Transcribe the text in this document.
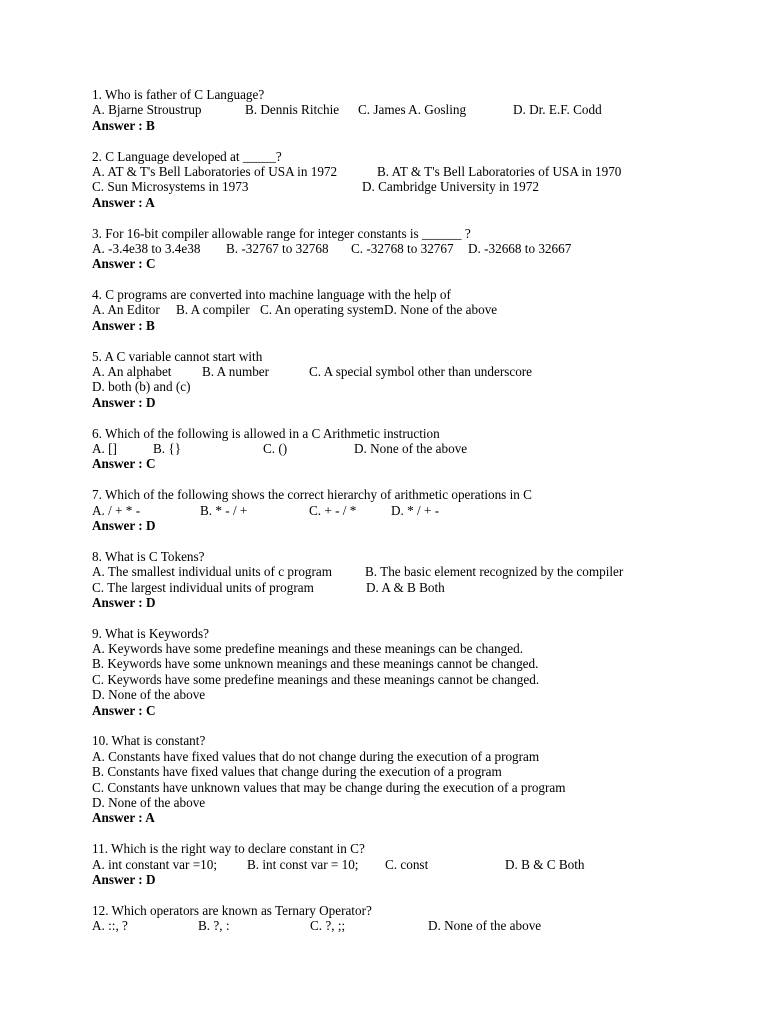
1. Who is father of C Language?
A. Bjarne Stroustrup	B. Dennis Ritchie C. James A. Gosling	D. Dr. E.F. Codd
Answer : B
2. C Language developed at _____?
A. AT & T's Bell Laboratories of USA in 1972	B. AT & T's Bell Laboratories of USA in 1970
C. Sun Microsystems in 1973	D. Cambridge University in 1972
Answer : A
3. For 16-bit compiler allowable range for integer constants is ______ ?
A. -3.4e38 to 3.4e38 B. -32767 to 32768 C. -32768 to 32767 D. -32668 to 32667
Answer : C
4. C programs are converted into machine language with the help of
A. An Editor B. A compiler C. An operating system D. None of the above
Answer : B
5. A C variable cannot start with
A. An alphabet B. A number	C. A special symbol other than underscore
D. both (b) and (c)
Answer : D
6. Which of the following is allowed in a C Arithmetic instruction
A. []	B. {}	C. ()	D. None of the above
Answer : C
7. Which of the following shows the correct hierarchy of arithmetic operations in C
A. / + * -	B. * - / +	C. + - / *	D. * / + -
Answer : D
8. What is C Tokens?
A. The smallest individual units of c program B. The basic element recognized by the compiler
C. The largest individual units of program	D. A & B Both
Answer : D
9. What is Keywords?
A. Keywords have some predefine meanings and these meanings can be changed.
B. Keywords have some unknown meanings and these meanings cannot be changed.
C. Keywords have some predefine meanings and these meanings cannot be changed.
D. None of the above
Answer : C
10. What is constant?
A. Constants have fixed values that do not change during the execution of a program
B. Constants have fixed values that change during the execution of a program
C. Constants have unknown values that may be change during the execution of a program
D. None of the above
Answer : A
11. Which is the right way to declare constant in C?
A. int constant var =10; B. int const var = 10; C. const	D. B & C Both
Answer : D
12. Which operators are known as Ternary Operator?
A. ::, ?	B. ?, :	C. ?, ;;	D. None of the above
